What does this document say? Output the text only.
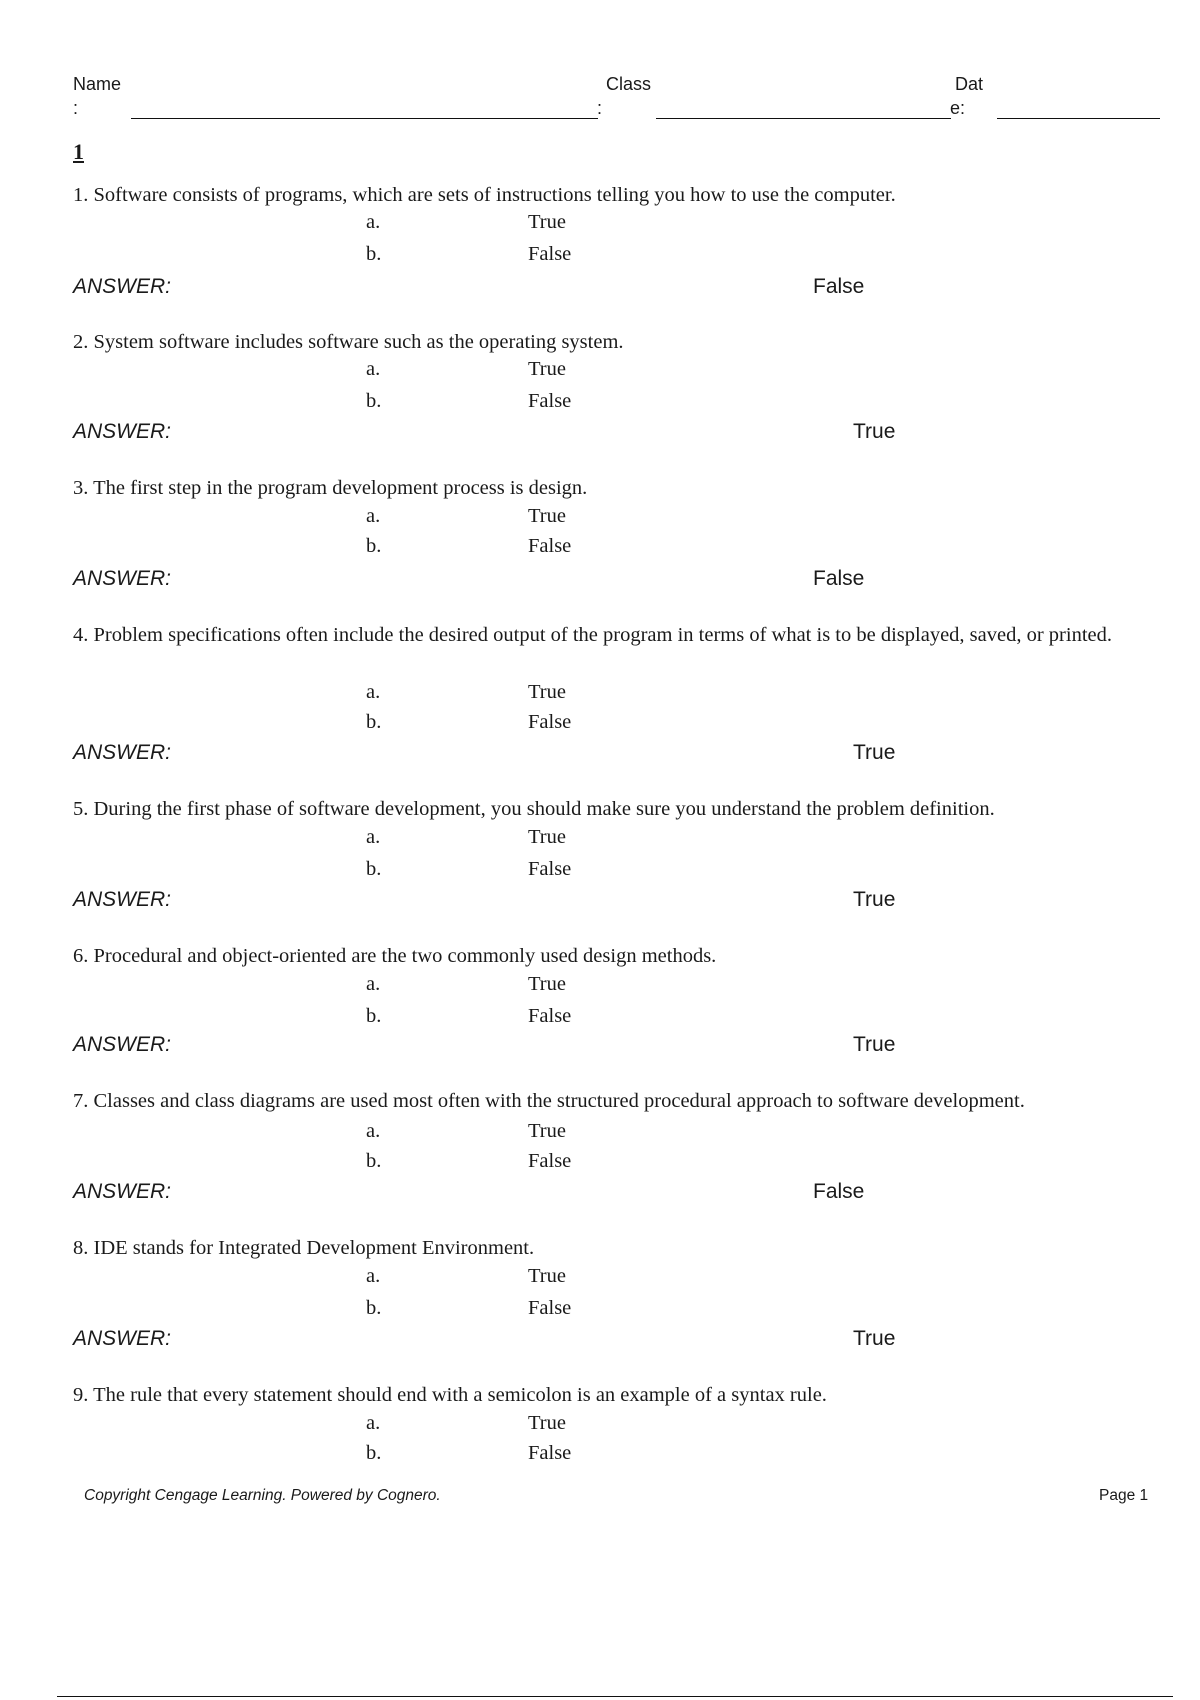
Name
:
Class
:
Dat
e:
1
1. Software consists of programs, which are sets of instructions telling you how to use the computer.
a.	True
b.	False
ANSWER:	False
2. System software includes software such as the operating system.
a.	True
b.	False
ANSWER:	True
3. The first step in the program development process is design.
a.	True
b.	False
ANSWER:	False
4. Problem specifications often include the desired output of the program in terms of what is to be displayed, saved, or printed.
a.	True
b.	False
ANSWER:	True
5. During the first phase of software development, you should make sure you understand the problem definition.
a.	True
b.	False
ANSWER:	True
6. Procedural and object-oriented are the two commonly used design methods.
a.	True
b.	False
ANSWER:	True
7. Classes and class diagrams are used most often with the structured procedural approach to software development.
a.	True
b.	False
ANSWER:	False
8. IDE stands for Integrated Development Environment.
a.	True
b.	False
ANSWER:	True
9. The rule that every statement should end with a semicolon is an example of a syntax rule.
a.	True
b.	False
Copyright Cengage Learning. Powered by Cognero.	Page 1
